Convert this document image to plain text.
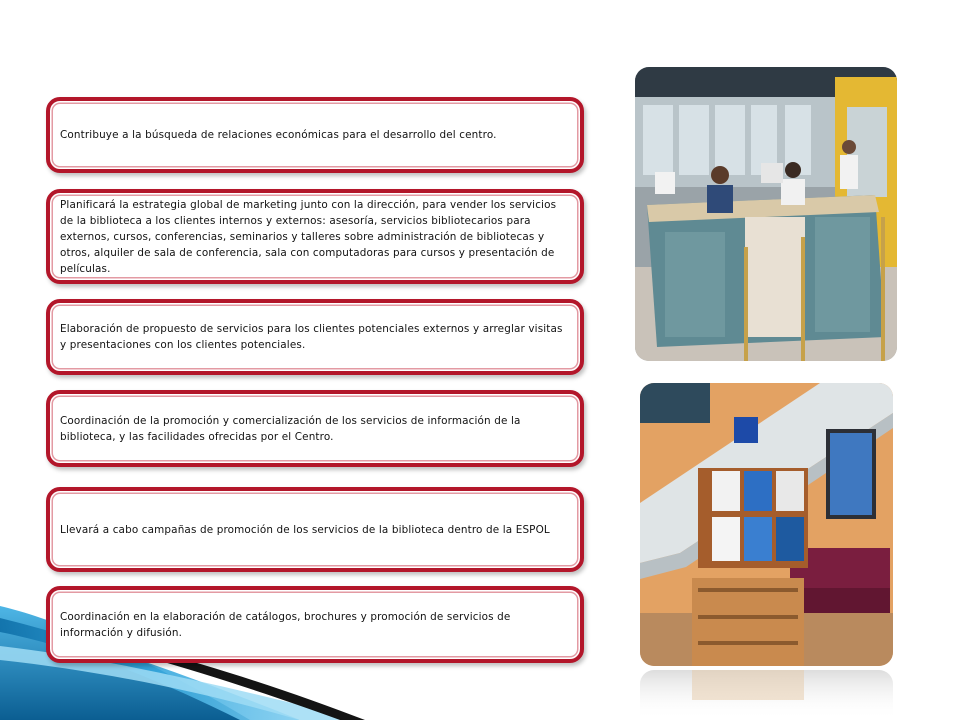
Contribuye a la búsqueda de relaciones económicas para el desarrollo del centro.
Planificará la estrategia global de marketing junto con la dirección, para vender los servicios de la biblioteca a los clientes internos y externos: asesoría, servicios bibliotecarios para externos, cursos, conferencias, seminarios y talleres sobre administración de bibliotecas y otros, alquiler de sala de conferencia, sala con computadoras para cursos y presentación de películas.
Elaboración de propuesto de servicios para los clientes potenciales externos y arreglar visitas y presentaciones con los clientes potenciales.
Coordinación de la promoción y comercialización de los servicios de información de la biblioteca, y las facilidades ofrecidas por el Centro.
Llevará a cabo campañas de promoción de los servicios de la biblioteca dentro de la ESPOL
Coordinación en la elaboración de catálogos, brochures y promoción de servicios de información y difusión.
